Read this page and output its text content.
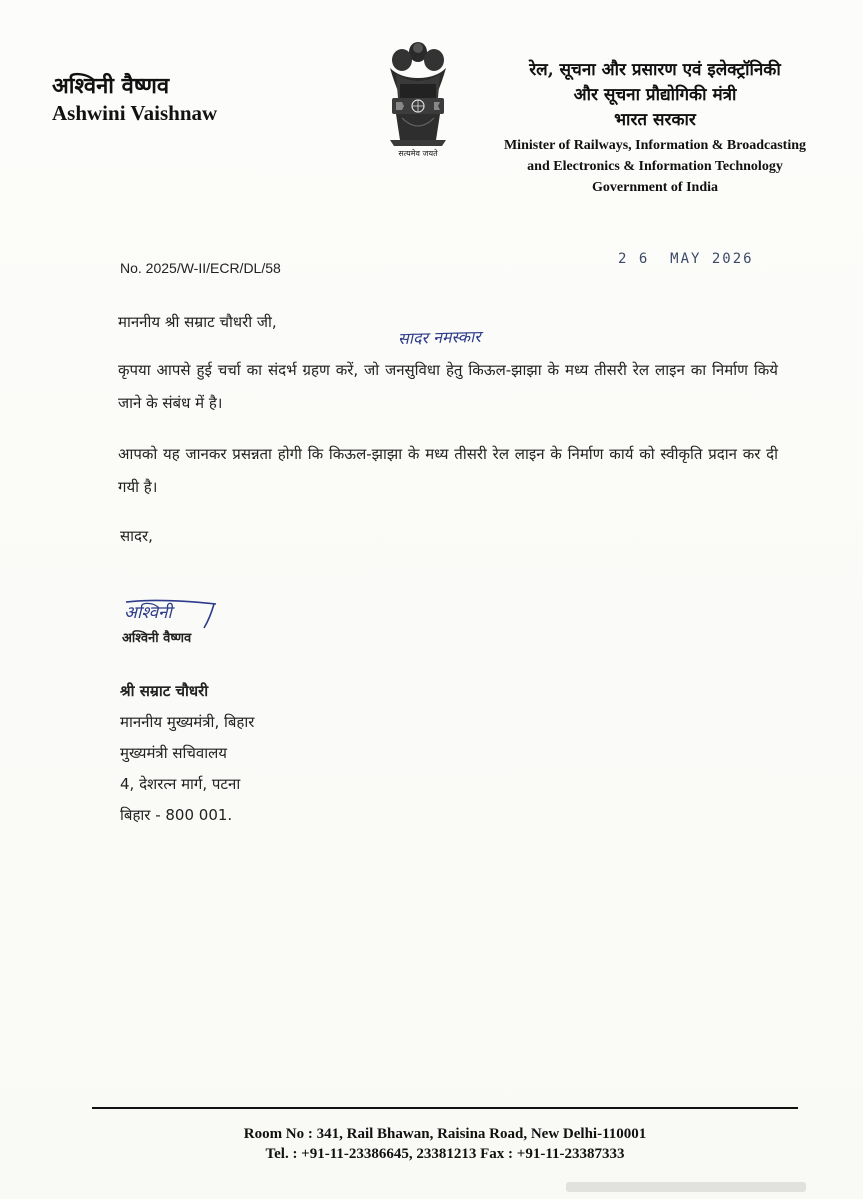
अश्विनी वैष्णव
Ashwini Vaishnaw
सत्यमेव जयते
रेल, सूचना और प्रसारण एवं इलेक्ट्रॉनिकी
और सूचना प्रौद्योगिकी मंत्री
भारत सरकार
Minister of Railways, Information & Broadcasting
and Electronics & Information Technology
Government of India
No. 2025/W-II/ECR/DL/58
2 6  MAY 2026
माननीय श्री सम्राट चौधरी जी,
सादर नमस्कार
कृपया आपसे हुई चर्चा का संदर्भ ग्रहण करें, जो जनसुविधा हेतु किऊल-झाझा के मध्य तीसरी रेल लाइन का निर्माण किये जाने के संबंध में है।
आपको यह जानकर प्रसन्नता होगी कि किऊल-झाझा के मध्य तीसरी रेल लाइन के निर्माण कार्य को स्वीकृति प्रदान कर दी गयी है।
सादर,
अश्विनी
अश्विनी वैष्णव
श्री सम्राट चौधरी
माननीय मुख्यमंत्री, बिहार
मुख्यमंत्री सचिवालय
4, देशरत्न मार्ग, पटना
बिहार - 800 001.
Room No : 341, Rail Bhawan, Raisina Road, New Delhi-110001
Tel. : +91-11-23386645, 23381213 Fax : +91-11-23387333
